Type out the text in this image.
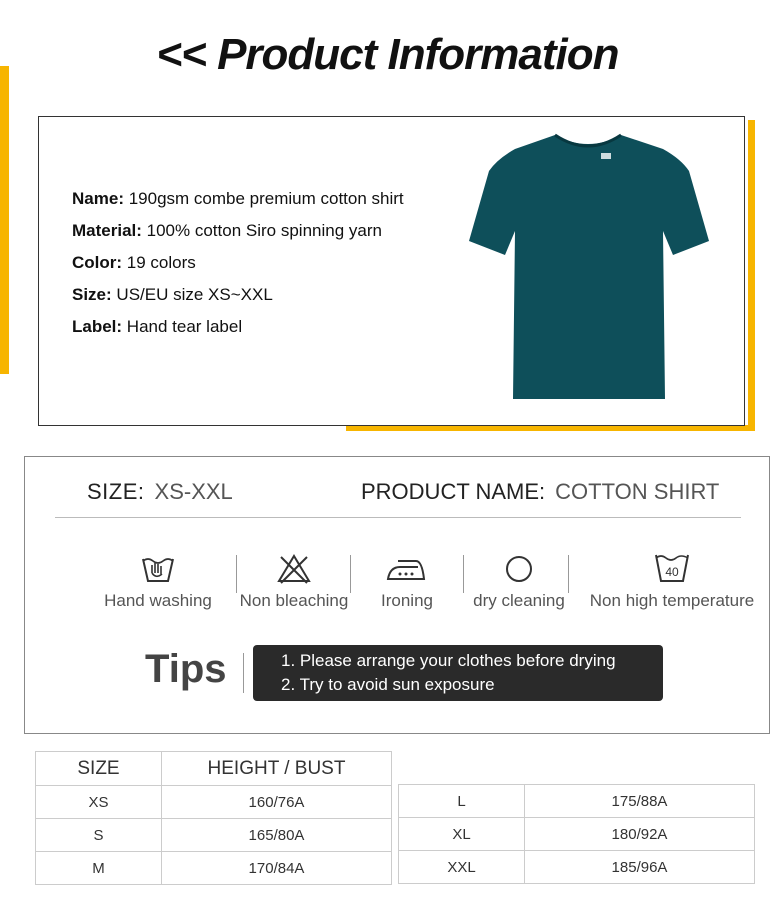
<< Product Information
Name : 190gsm combe premium cotton shirt
Material : 100% cotton Siro spinning yarn
Color : 19 colors
Size : US/EU size XS~XXL
Label : Hand tear label
SIZE: XS-XXL	PRODUCT NAME: COTTON SHIRT
Hand washing Non bleaching	Ironing	dry cleaning
40
Non high temperature
Tips	1. Please arrange your clothes before drying
2. Try to avoid sun exposure
SIZE	HEIGHT / BUST
XS	160/76A
S	165/80A
M	170/84A
L	175/88A
XL	180/92A
XXL	185/96A
